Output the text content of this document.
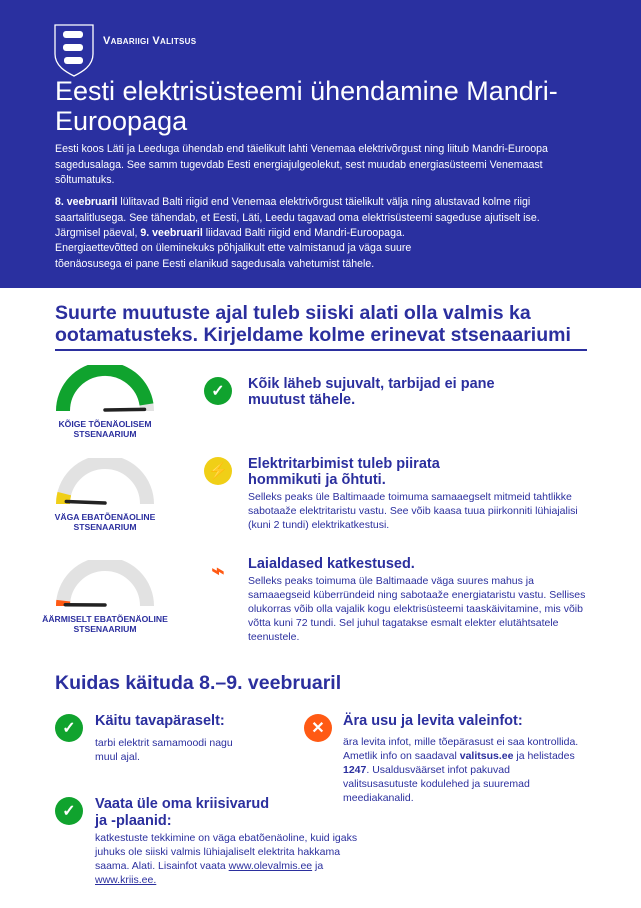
Vabariigi Valitsus
Eesti elektrisüsteemi ühendamine Mandri-Euroopaga

Eesti koos Läti ja Leeduga ühendab end täielikult lahti Venemaa elektrivõrgust ning liitub Mandri-Euroopa sagedusalaga. See samm tugevdab Eesti energiajulgeolekut, sest muudab energiasüsteemi Venemaast sõltumatuks.

8. veebruaril lülitavad Balti riigid end Venemaa elektrivõrgust täielikult välja ning alustavad kolme riigi saartalitlusega. See tähendab, et Eesti, Läti, Leedu tagavad oma elektrisüsteemi sageduse ajutiselt ise. Järgmisel päeval, 9. veebruaril liidavad Balti riigid end Mandri-Euroopaga.

Energiaettevõtted on üleminekuks põhjalikult ette valmistanud ja väga suure tõenäosusega ei pane Eesti elanikud sagedusala vahetumist tähele.

Suurte muutuste ajal tuleb siiski alati olla valmis ka ootamatusteks. Kirjeldame kolme erinevat stsenaariumi
KÕIGE TÕENÄOLISEM STSENAARIUM
✓	Kõik läheb sujuvalt, tarbijad ei pane muutust tähele.
VÄGA EBATÕENÄOLINE STSENAARIUM
⚡ Elektritarbimist tuleb piirata hommikuti ja õhtuti.
Selleks peaks üle Baltimaade toimuma samaaegselt mitmeid tahtlikke sabotaaže elektritaristu vastu. See võib kaasa tuua piirkonniti lühiajalisi (kuni 2 tundi) elektrikatkestusi.
ÄÄRMISELT EBATÕENÄOLINE STSENAARIUM
⌁	Laialdased katkestused.
Selleks peaks toimuma üle Baltimaade väga suures mahus ja samaaegseid küberründeid ning sabotaaže energiataristu vastu. Sellises olukorras võib olla vajalik kogu elektrisüsteemi taaskäivitamine, mis võib võtta kuni 72 tundi. Sel juhul tagatakse esmalt elekter elutähtsatele teenustele.
Kuidas käituda 8.–9. veebruaril
✓	Käitu tavapäraselt:
tarbi elektrit samamoodi nagu muul ajal.
✓	Vaata üle oma kriisivarud ja -plaanid:
katkestuste tekkimine on väga ebatõenäoline, kuid igaks juhuks ole siiski valmis lühiajaliselt elektrita hakkama saama. Alati. Lisainfot vaata www.olevalmis.ee ja www.kriis.ee.
✕	Ära usu ja levita valeinfot:
ära levita infot, mille tõepärasust ei saa kontrollida. Ametlik info on saadaval valitsus.ee ja helistades 1247. Usaldusväärset infot pakuvad valitsusasutuste kodulehed ja suuremad meediakanalid.
